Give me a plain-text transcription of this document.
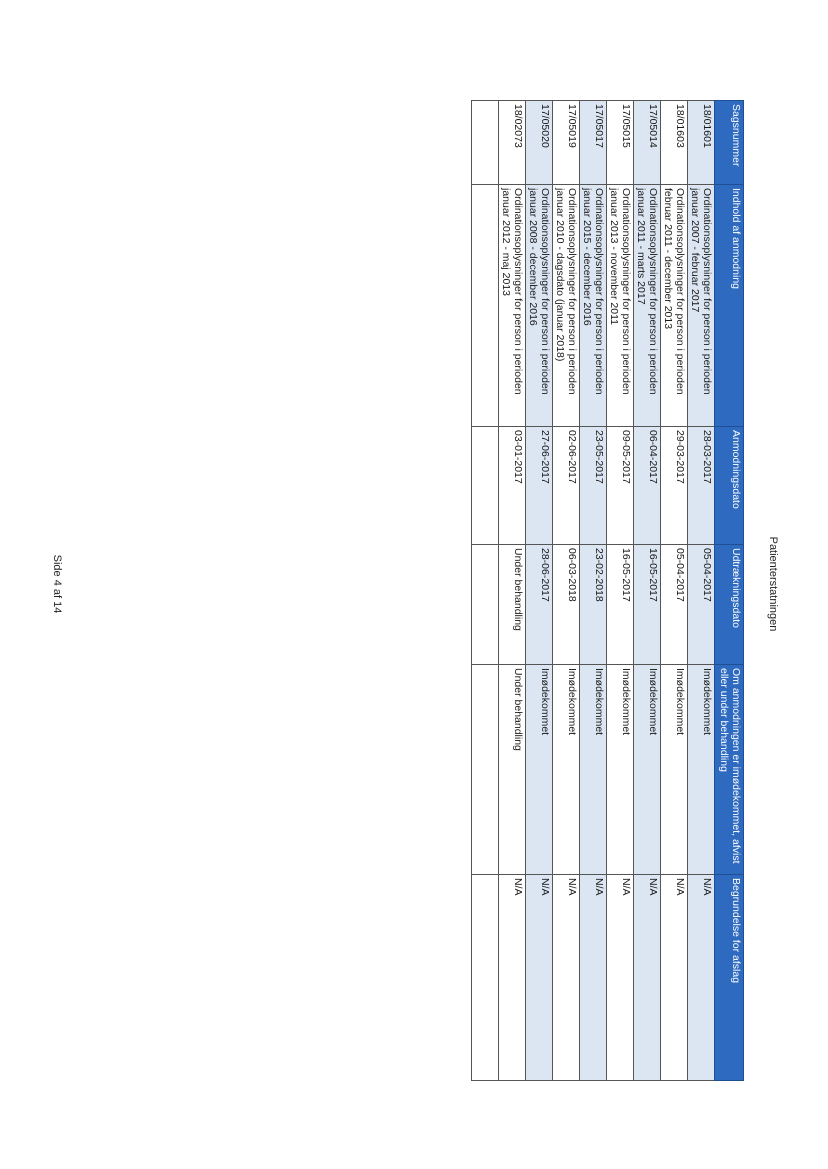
Patienterstatningen
Sagsnummer	Indhold af anmodning	Anmodningsdato	Udtrækningsdato	Om anmodningen er imødekommet, afvist eller under behandling	Begrundelse for afslag
18/01601	Ordinationsoplysninger for person i perioden
januar 2007 - februar 2017	28-03-2017	05-04-2017	Imødekommet	N/A
18/01603	Ordinationsoplysninger for person i perioden
februar 2011 - december 2013	29-03-2017	05-04-2017	Imødekommet	N/A
17/05014	Ordinationsoplysninger for person i perioden
januar 2011 - marts 2017	06-04-2017	16-05-2017	Imødekommet	N/A
17/05015	Ordinationsoplysninger for person i perioden
januar 2013 - november 2011	09-05-2017	16-05-2017	Imødekommet	N/A
17/05017	Ordinationsoplysninger for person i perioden
januar 2015 - december 2016	23-05-2017	23-02-2018	Imødekommet	N/A
17/05019	Ordinationsoplysninger for person i perioden
januar 2010 - dagsdato (januar 2018)	02-06-2017	06-03-2018	Imødekommet	N/A
17/05020	Ordinationsoplysninger for person i perioden
januar 2008 - december 2016	27-06-2017	28-06-2017	Imødekommet	N/A
18/02073	Ordinationsoplysninger for person i perioden
januar 2012 - maj 2013	03-01-2017	Under behandling	Under behandling	N/A

Side 4 af 14
